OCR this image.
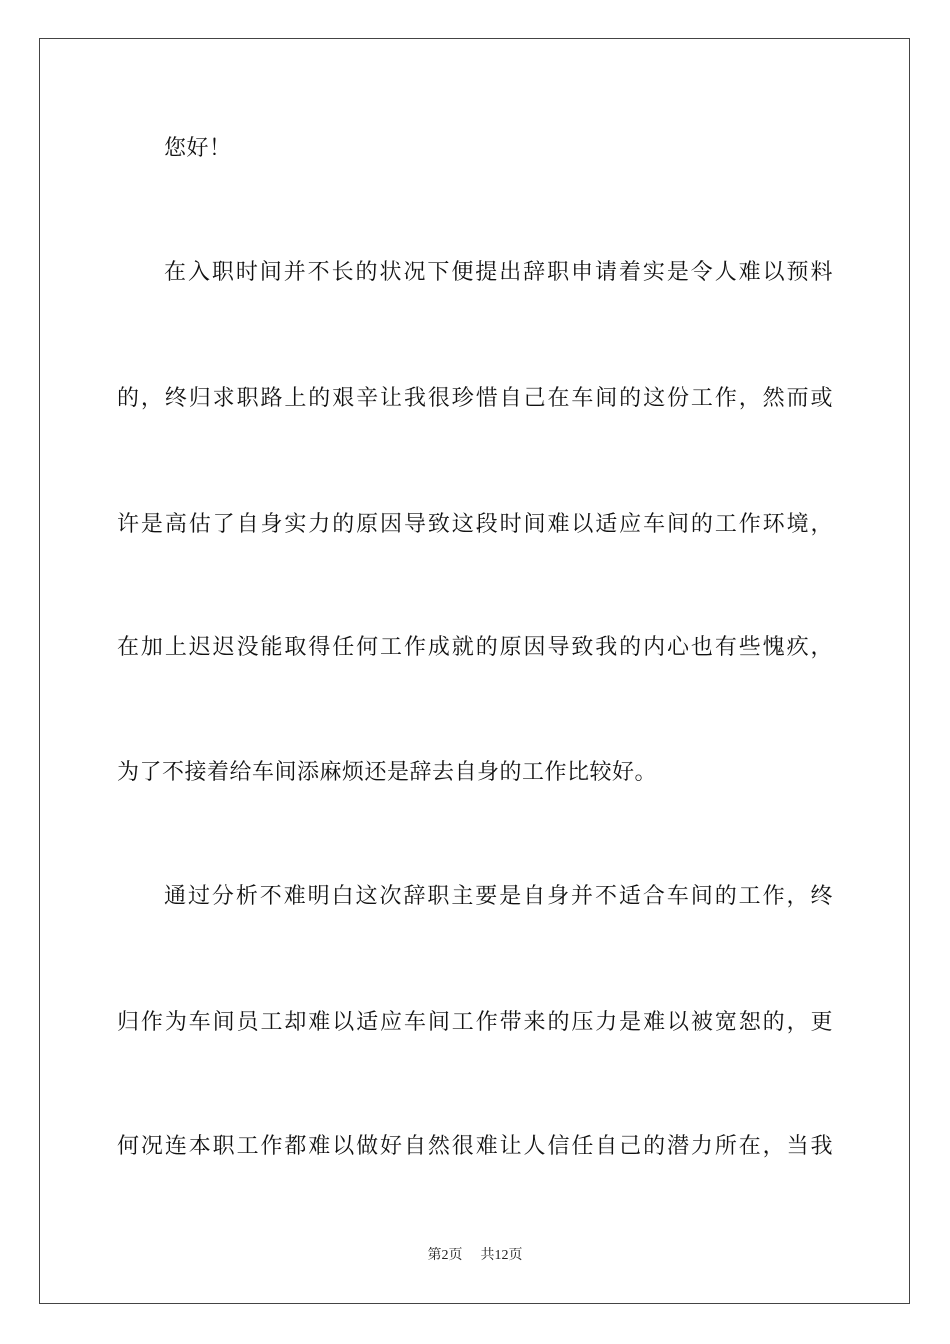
您好！
在入职时间并不长的状况下便提出辞职申请着实是令人难以预料
的，终归求职路上的艰辛让我很珍惜自己在车间的这份工作，然而或
许是高估了自身实力的原因导致这段时间难以适应车间的工作环境，
在加上迟迟没能取得任何工作成就的原因导致我的内心也有些愧疚，
为了不接着给车间添麻烦还是辞去自身的工作比较好。
通过分析不难明白这次辞职主要是自身并不适合车间的工作，终
归作为车间员工却难以适应车间工作带来的压力是难以被宽恕的，更
何况连本职工作都难以做好自然很难让人信任自己的潜力所在，当我
第2页 共12页
